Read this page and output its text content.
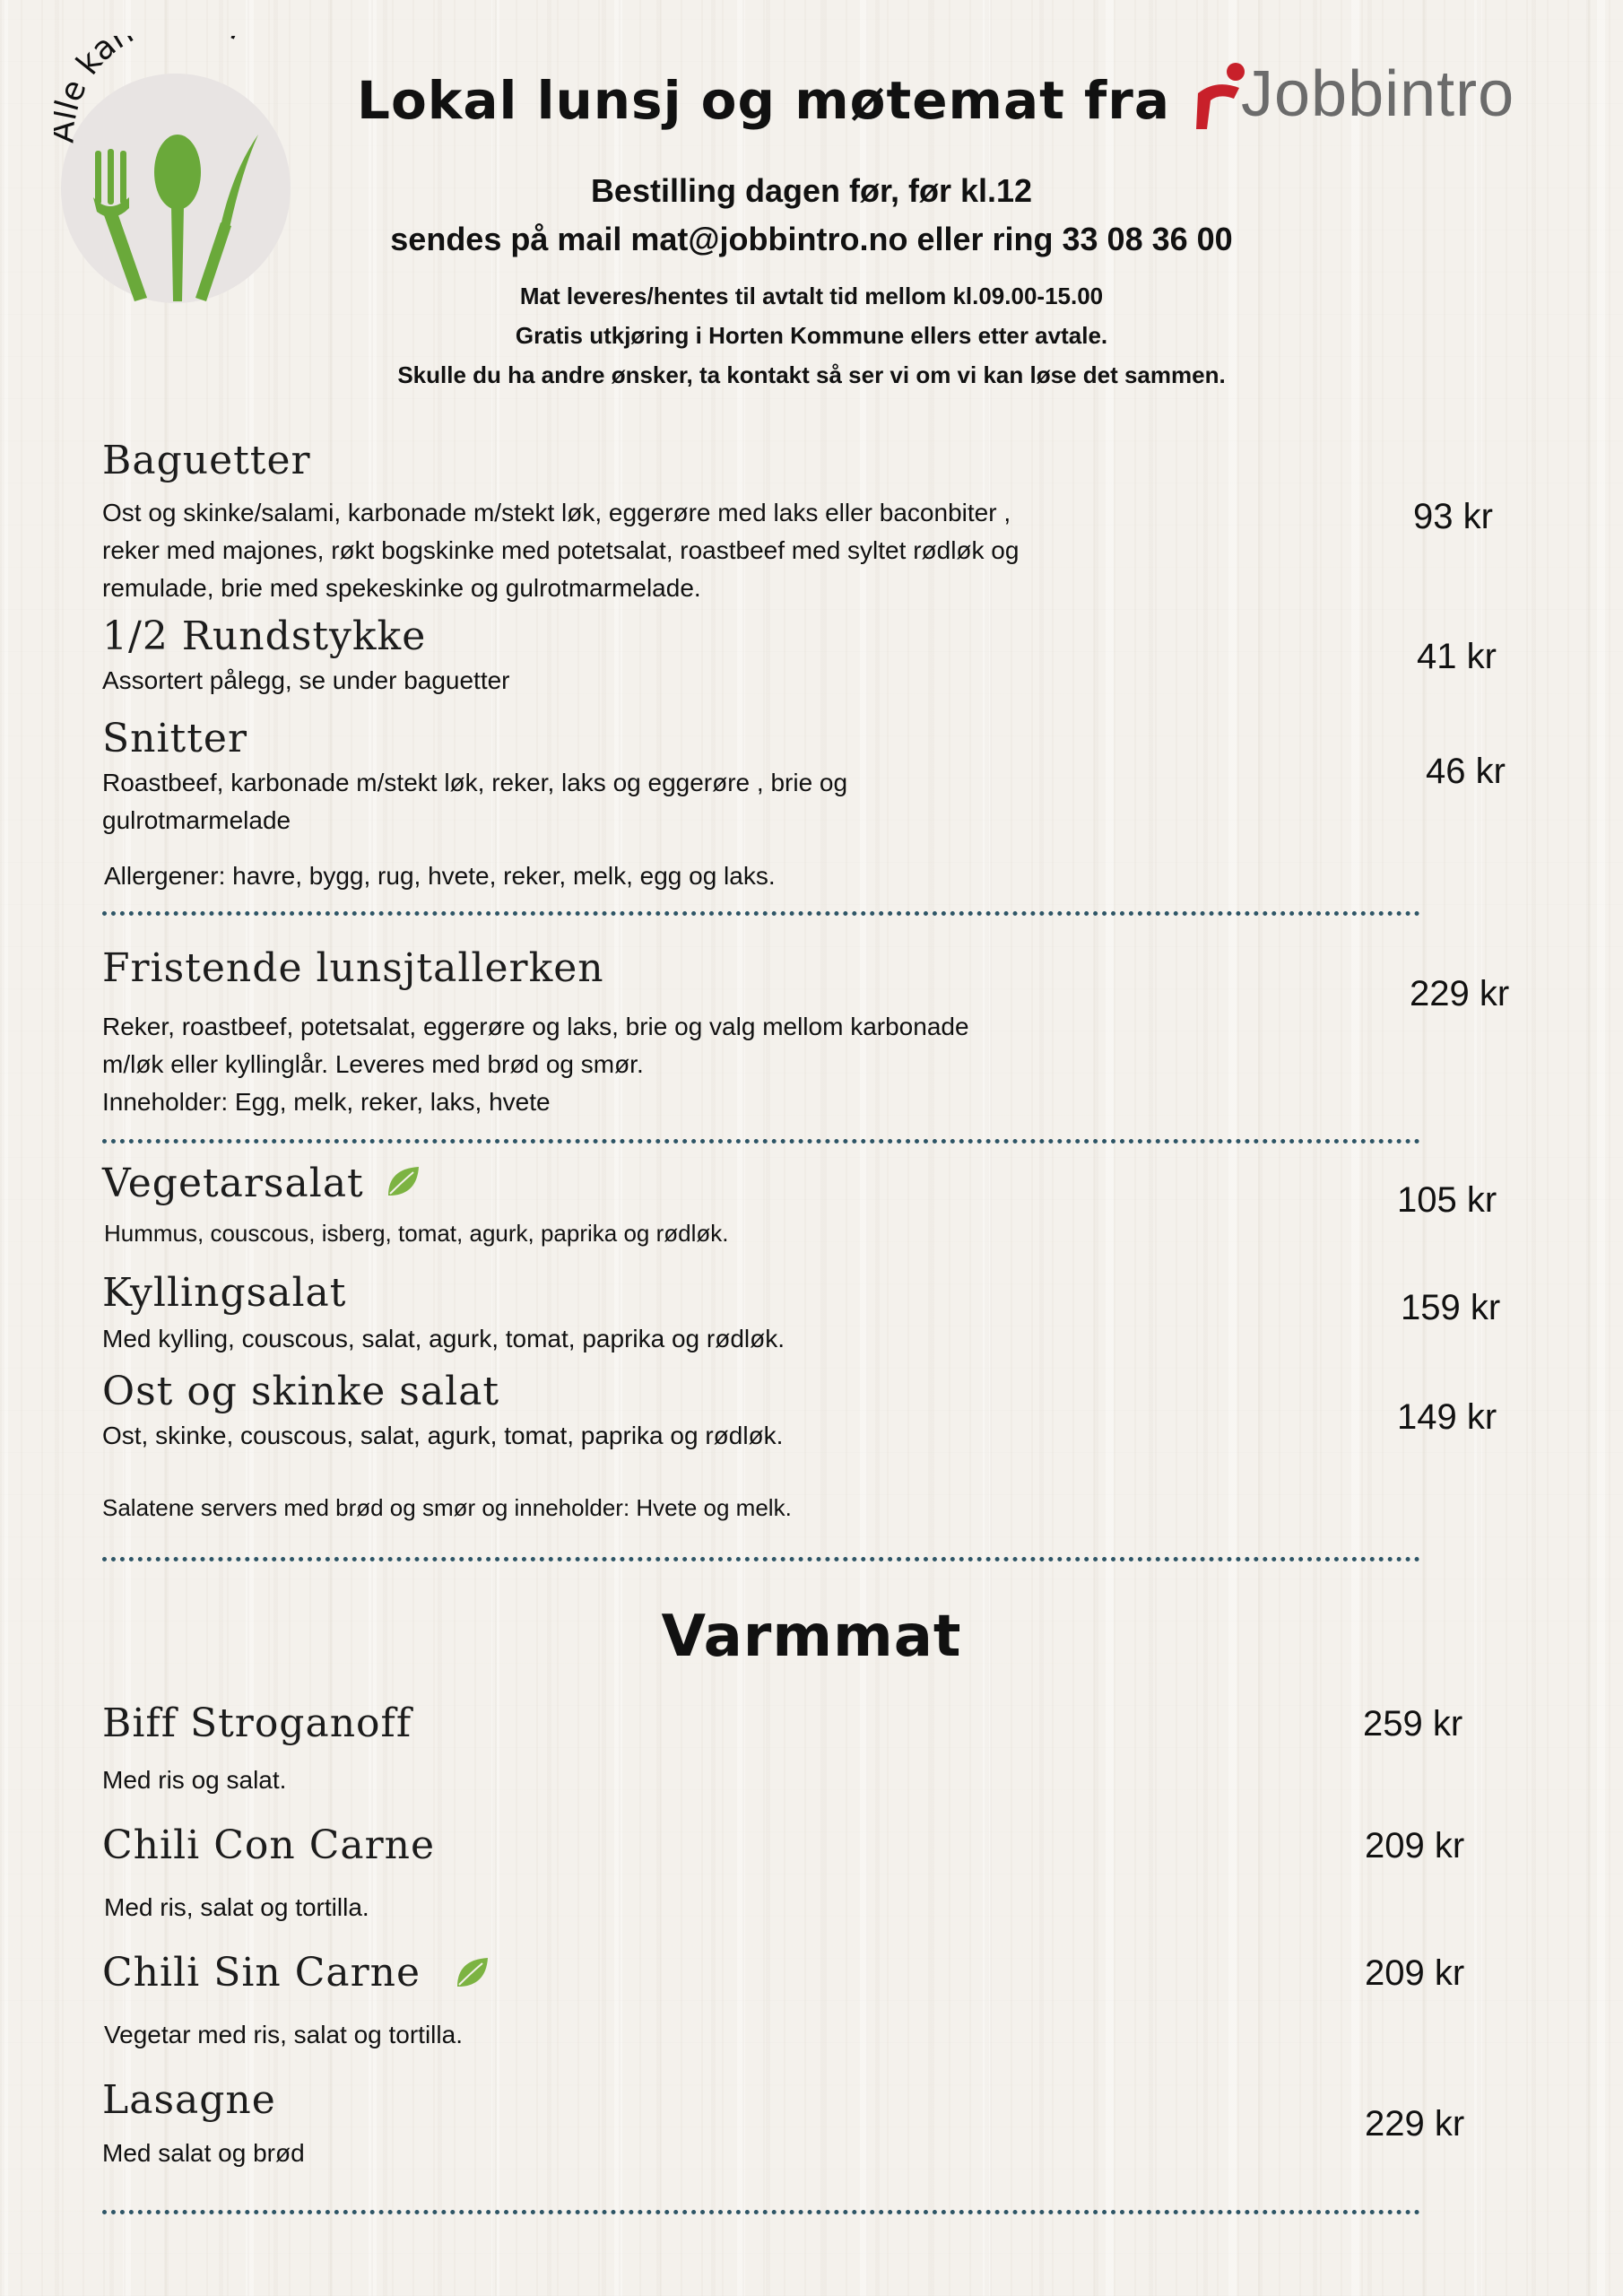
e ka
Lokal lunsj og møtemat fra Jobbintro
Bestilling dagen før, før kl.12
sendes på mail mat@jobbintro.no eller ring 33 08 36 00
Mat leveres/hentes til avtalt tid mellom kl.09.00-15.00
Gratis utkjøring i Horten Kommune ellers etter avtale.
Skulle du ha andre ønsker, ta kontakt så ser vi om vi kan løse det sammen.
Baguetter
Ost og skinke/salami, karbonade m/stekt løk, eggerøre med laks eller baconbiter ,
reker med majones, røkt bogskinke med potetsalat, roastbeef med syltet rødløk og
remulade, brie med spekeskinke og gulrotmarmelade.
93 kr
1/2 Rundstykke
Assortert pålegg, se under baguetter
41 kr
Snitter
Roastbeef, karbonade m/stekt løk, reker, laks og eggerøre , brie og
gulrotmarmelade
46 kr
Allergener: havre, bygg, rug, hvete, reker, melk, egg og laks.
Fristende lunsjtallerken
Reker, roastbeef, potetsalat, eggerøre og laks, brie og valg mellom karbonade
m/løk eller kyllinglår. Leveres med brød og smør.
Inneholder: Egg, melk, reker, laks, hvete
229 kr
Vegetarsalat
Hummus, couscous, isberg, tomat, agurk, paprika og rødløk.
105 kr
Kyllingsalat
Med kylling, couscous, salat, agurk, tomat, paprika og rødløk.
159 kr
Ost og skinke salat
Ost, skinke, couscous, salat, agurk, tomat, paprika og rødløk.	149 kr
Salatene servers med brød og smør og inneholder: Hvete og melk.
Varmmat
Biff Stroganoff
Med ris og salat.
259 kr
Chili Con Carne
Med ris, salat og tortilla.
209 kr
Chili Sin Carne
Vegetar med ris, salat og tortilla.
209 kr
Lasagne
Med salat og brød
229 kr
